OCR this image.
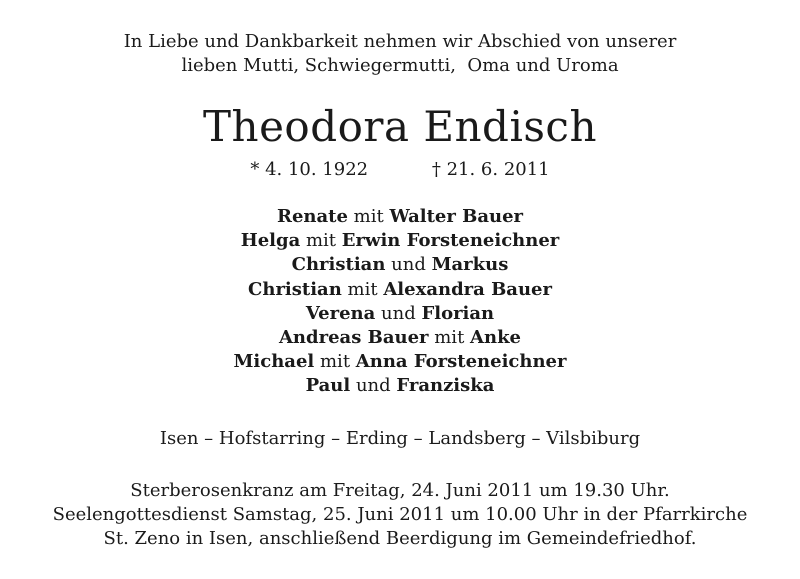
In Liebe und Dankbarkeit nehmen wir Abschied von unserer
lieben Mutti, Schwiegermutti,  Oma und Uroma
Theodora Endisch
* 4. 10. 1922	† 21. 6. 2011
Renate mit Walter Bauer
Helga mit Erwin Forsteneichner
Christian und Markus
Christian mit Alexandra Bauer
Verena und Florian
Andreas Bauer mit Anke
Michael mit Anna Forsteneichner
Paul und Franziska
Isen – Hofstarring – Erding – Landsberg – Vilsbiburg
Sterberosenkranz am Freitag, 24. Juni 2011 um 19.30 Uhr.
Seelengottesdienst Samstag, 25. Juni 2011 um 10.00 Uhr in der Pfarrkirche
St. Zeno in Isen, anschließend Beerdigung im Gemeindefriedhof.
